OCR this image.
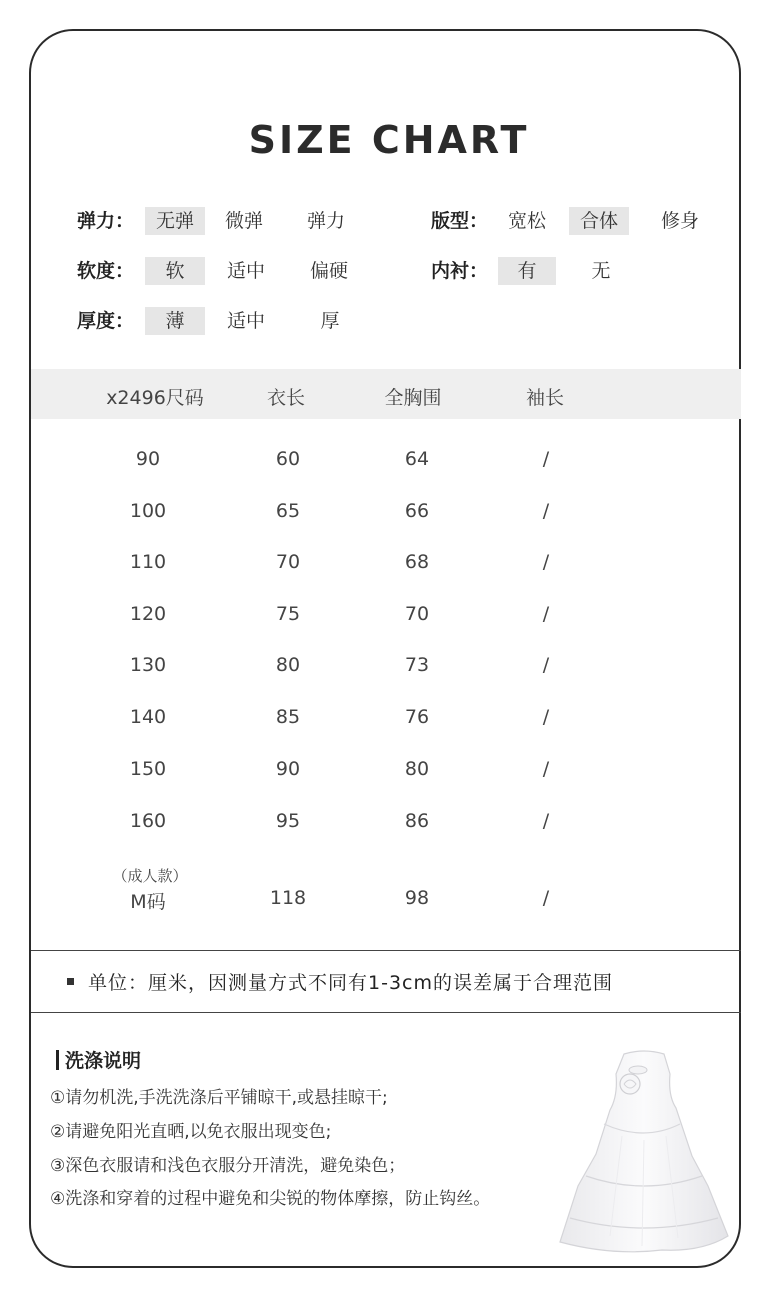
SIZE CHART
弹力：	无弹	微弹	弹力	版型：	宽松	合体	修身
软度：	软	适中	偏硬	内衬：	有	无
厚度：	薄	适中	厚
x2496尺码	衣长	全胸围	袖长
90	60	64	/
100	65	66	/
110	70	68	/
120	75	70	/
130	80	73	/
140	85	76	/
150	90	80	/
160	95	86	/
（成人款）
M码	118	98	/
单位：厘米，因测量方式不同有1-3cm的误差属于合理范围
洗涤说明
①请勿机洗,手洗洗涤后平铺晾干,或悬挂晾干;
②请避免阳光直晒,以免衣服出现变色;
③深色衣服请和浅色衣服分开清洗，避免染色；
④洗涤和穿着的过程中避免和尖锐的物体摩擦，防止钩丝。
